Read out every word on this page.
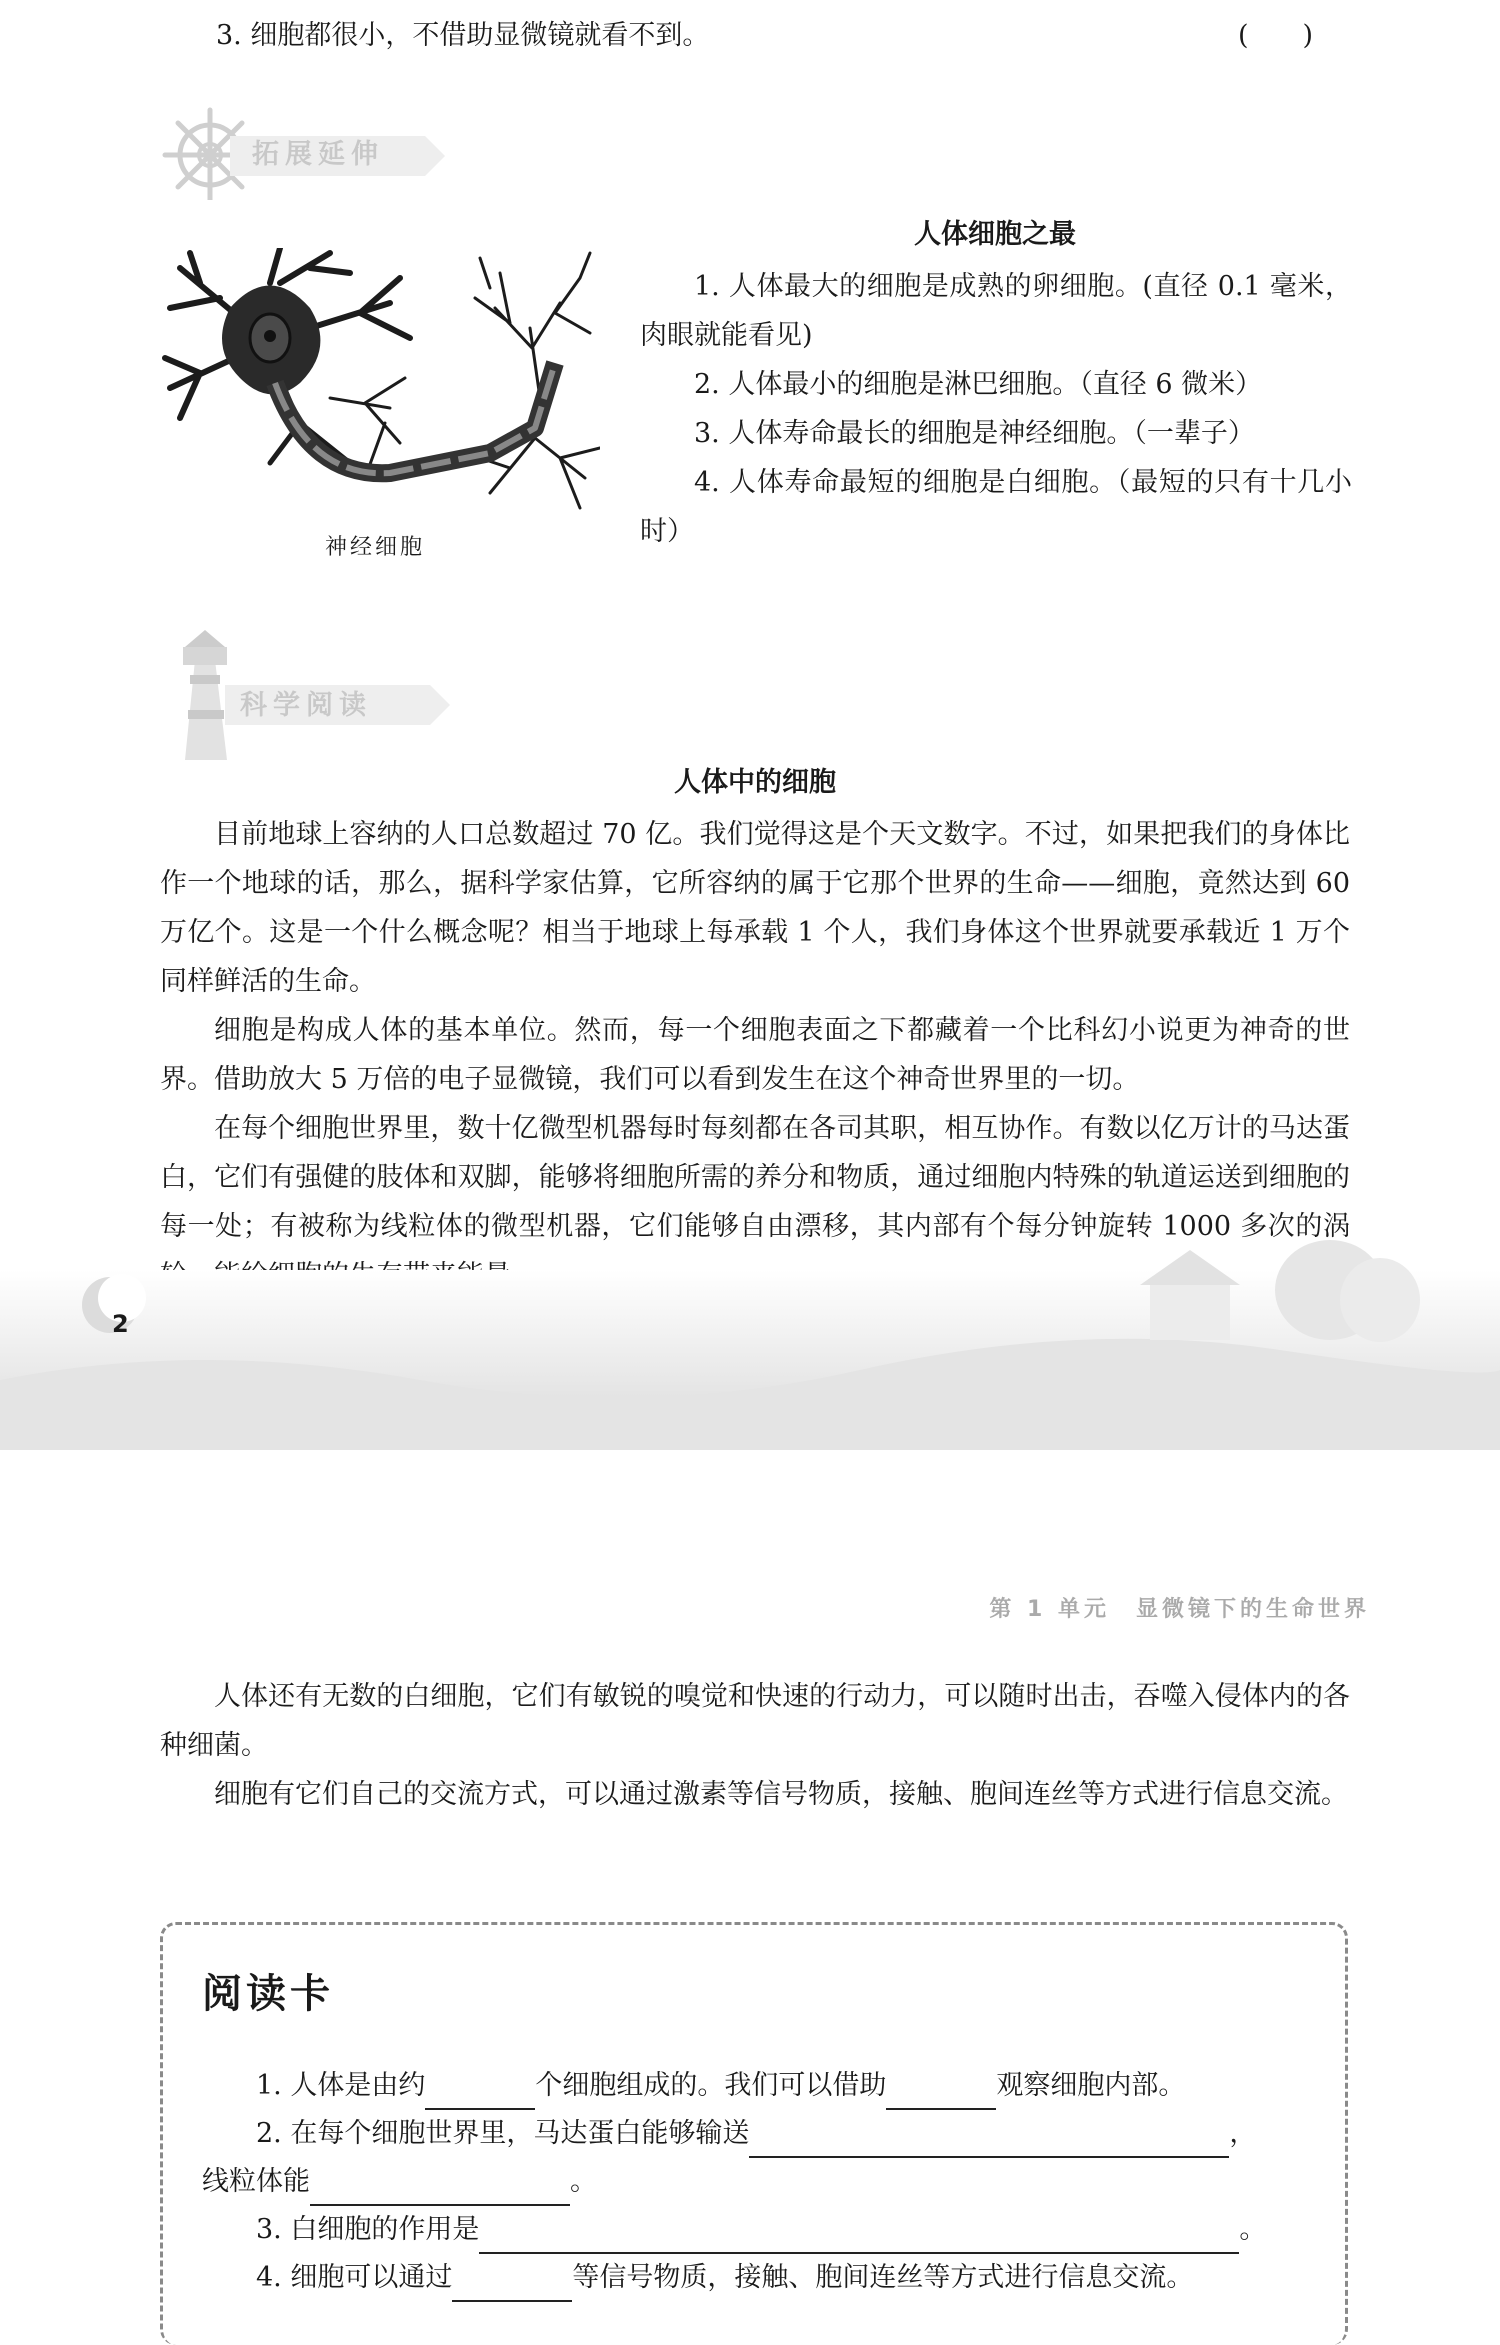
3. 细胞都很小，不借助显微镜就看不到。	(　　)
拓展延伸
神经细胞
人体细胞之最

1. 人体最大的细胞是成熟的卵细胞。(直径 0.1 毫米，肉眼就能看见)

2. 人体最小的细胞是淋巴细胞。（直径 6 微米）

3. 人体寿命最长的细胞是神经细胞。（一辈子）

4. 人体寿命最短的细胞是白细胞。（最短的只有十几小时）

科学阅读
人体中的细胞

目前地球上容纳的人口总数超过 70 亿。我们觉得这是个天文数字。不过，如果把我们的身体比作一个地球的话，那么，据科学家估算，它所容纳的属于它那个世界的生命——细胞，竟然达到 60 万亿个。这是一个什么概念呢？相当于地球上每承载 1 个人，我们身体这个世界就要承载近 1 万个同样鲜活的生命。

细胞是构成人体的基本单位。然而，每一个细胞表面之下都藏着一个比科幻小说更为神奇的世界。借助放大 5 万倍的电子显微镜，我们可以看到发生在这个神奇世界里的一切。

在每个细胞世界里，数十亿微型机器每时每刻都在各司其职，相互协作。有数以亿万计的马达蛋白，它们有强健的肢体和双脚，能够将细胞所需的养分和物质，通过细胞内特殊的轨道运送到细胞的每一处；有被称为线粒体的微型机器，它们能够自由漂移，其内部有个每分钟旋转 1000 多次的涡

2
第 1 单元　显微镜下的生命世界

人体还有无数的白细胞，它们有敏锐的嗅觉和快速的行动力，可以随时出击，吞噬入侵体内的各种细菌。

细胞有它们自己的交流方式，可以通过激素等信号物质，接触、胞间连丝等方式进行信息交流。

阅读卡
1. 人体是由约	个细胞组成的。我们可以借助	观察细胞内部。
2. 在每个细胞世界里，马达蛋白能够输送	，
线粒体能	。
3. 白细胞的作用是	。
4. 细胞可以通过	等信号物质，接触、胞间连丝等方式进行信息交流。
